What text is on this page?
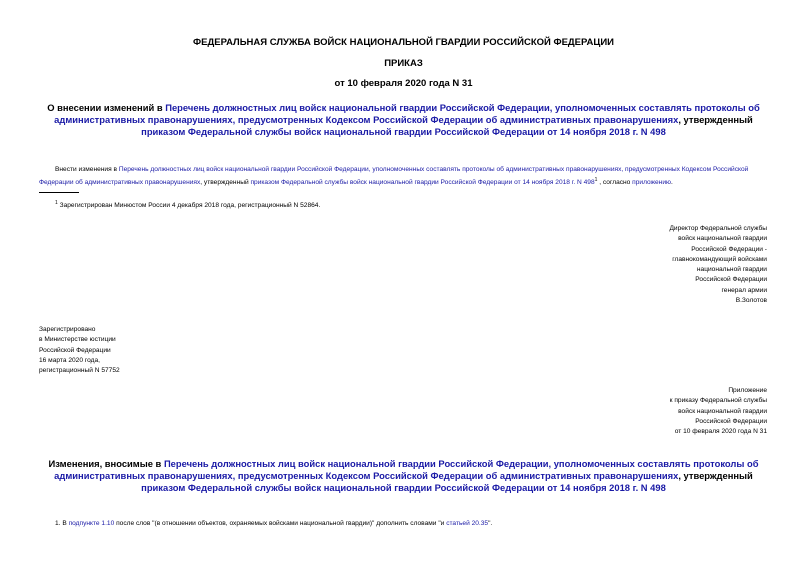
ФЕДЕРАЛЬНАЯ СЛУЖБА ВОЙСК НАЦИОНАЛЬНОЙ ГВАРДИИ РОССИЙСКОЙ ФЕДЕРАЦИИ
ПРИКАЗ
от 10 февраля 2020 года N 31
О внесении изменений в Перечень должностных лиц войск национальной гвардии Российской Федерации, уполномоченных составлять протоколы об административных правонарушениях, предусмотренных Кодексом Российской Федерации об административных правонарушениях, утвержденный приказом Федеральной службы войск национальной гвардии Российской Федерации от 14 ноября 2018 г. N 498
Внести изменения в Перечень должностных лиц войск национальной гвардии Российской Федерации, уполномоченных составлять протоколы об административных правонарушениях, предусмотренных Кодексом Российской Федерации об административных правонарушениях, утвержденный приказом Федеральной службы войск национальной гвардии Российской Федерации от 14 ноября 2018 г. N $498^1$ , согласно приложению.
$^1$ Зарегистрирован Минюстом России 4 декабря 2018 года, регистрационный N 52864.
Директор Федеральной службы
войск национальной гвардии
Российской Федерации -
главнокомандующий войсками
национальной гвардии
Российской Федерации
генерал армии
В.Золотов
Зарегистрировано
в Министерстве юстиции
Российской Федерации
16 марта 2020 года,
регистрационный N 57752
Приложение
к приказу Федеральной службы
войск национальной гвардии
Российской Федерации
от 10 февраля 2020 года N 31
Изменения, вносимые в Перечень должностных лиц войск национальной гвардии Российской Федерации, уполномоченных составлять протоколы об административных правонарушениях, предусмотренных Кодексом Российской Федерации об административных правонарушениях, утвержденный приказом Федеральной службы войск национальной гвардии Российской Федерации от 14 ноября 2018 г. N 498
1. В подпункте 1.10 после слов "(в отношении объектов, охраняемых войсками национальной гвардии)" дополнить словами "и статьей 20.35".
